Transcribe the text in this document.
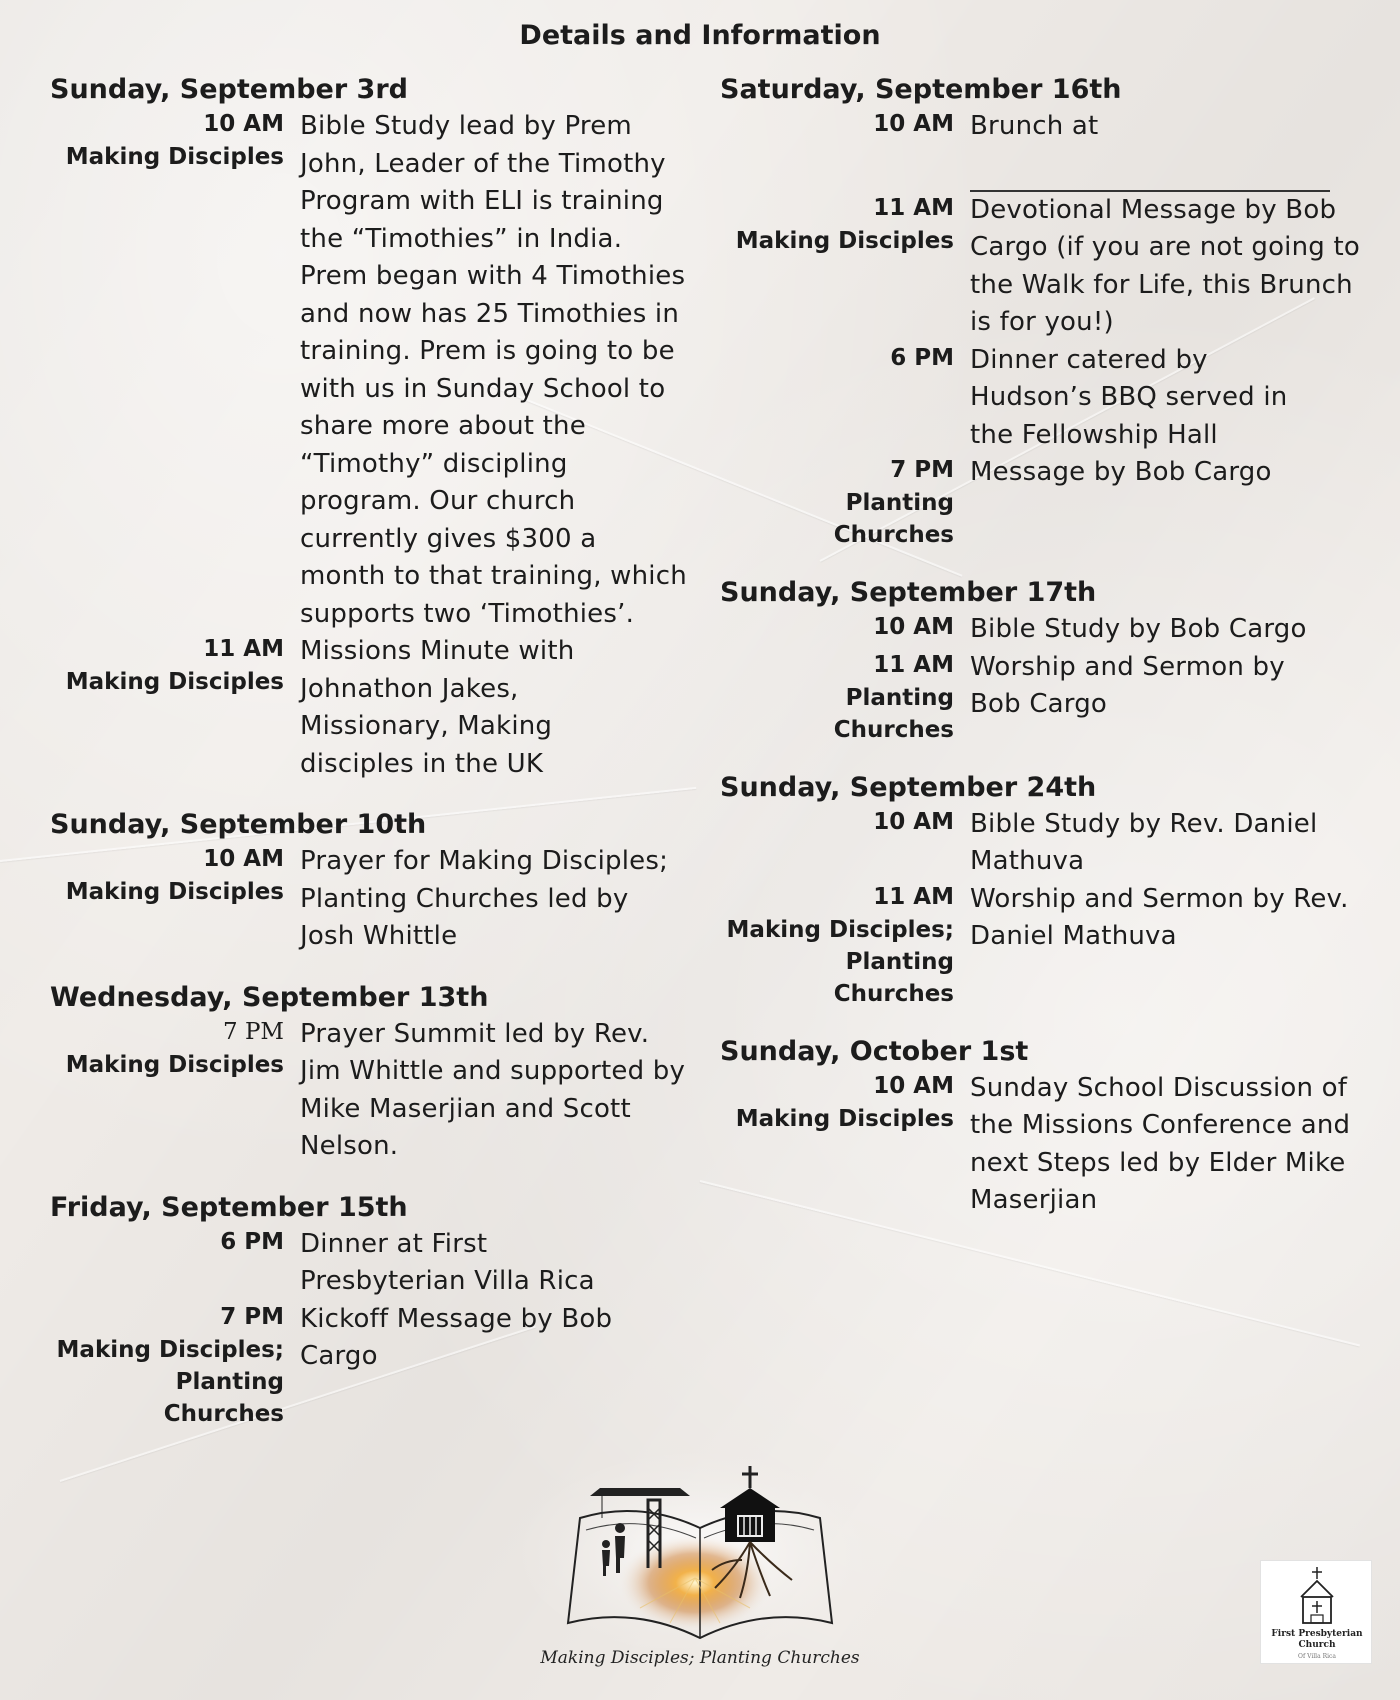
Details and Information
Sunday, September 3rd
10 AM
Making Disciples
Bible Study lead by Prem John, Leader of the Timothy Program with ELI is training the “Timothies” in India. Prem began with 4 Timothies and now has 25 Timothies in training. Prem is going to be with us in Sunday School to share more about the “Timothy” discipling program. Our church currently gives $300 a month to that training, which supports two ‘Timothies’.
11 AM
Making Disciples
Missions Minute with Johnathon Jakes, Missionary, Making disciples in the UK
Sunday, September 10th
10 AM
Making Disciples
Prayer for Making Disciples; Planting Churches led by Josh Whittle
Wednesday, September 13th
7 PM
Making Disciples
Prayer Summit led by Rev. Jim Whittle and supported by Mike Maserjian and Scott Nelson.
Friday, September 15th
6 PM Dinner at First Presbyterian Villa Rica
7 PM
Making Disciples;
Planting Churches
Kickoff Message by Bob Cargo
Saturday, September 16th
10 AM Brunch at
11 AM
Making Disciples
Devotional Message by Bob Cargo (if you are not going to the Walk for Life, this Brunch is for you!)
6 PM Dinner catered by Hudson’s BBQ served in the Fellowship Hall
7 PM
Planting Churches
Message by Bob Cargo
Sunday, September 17th
10 AM Bible Study by Bob Cargo
11 AM
Planting Churches
Worship and Sermon by Bob Cargo
Sunday, September 24th
10 AM Bible Study by Rev. Daniel Mathuva
11 AM
Making Disciples;
Planting Churches
Worship and Sermon by Rev. Daniel Mathuva
Sunday, October 1st
10 AM
Making Disciples
Sunday School Discussion of the Missions Conference and next Steps led by Elder Mike Maserjian
Making Disciples; Planting Churches
First Presbyterian
Church
Of Villa Rica
